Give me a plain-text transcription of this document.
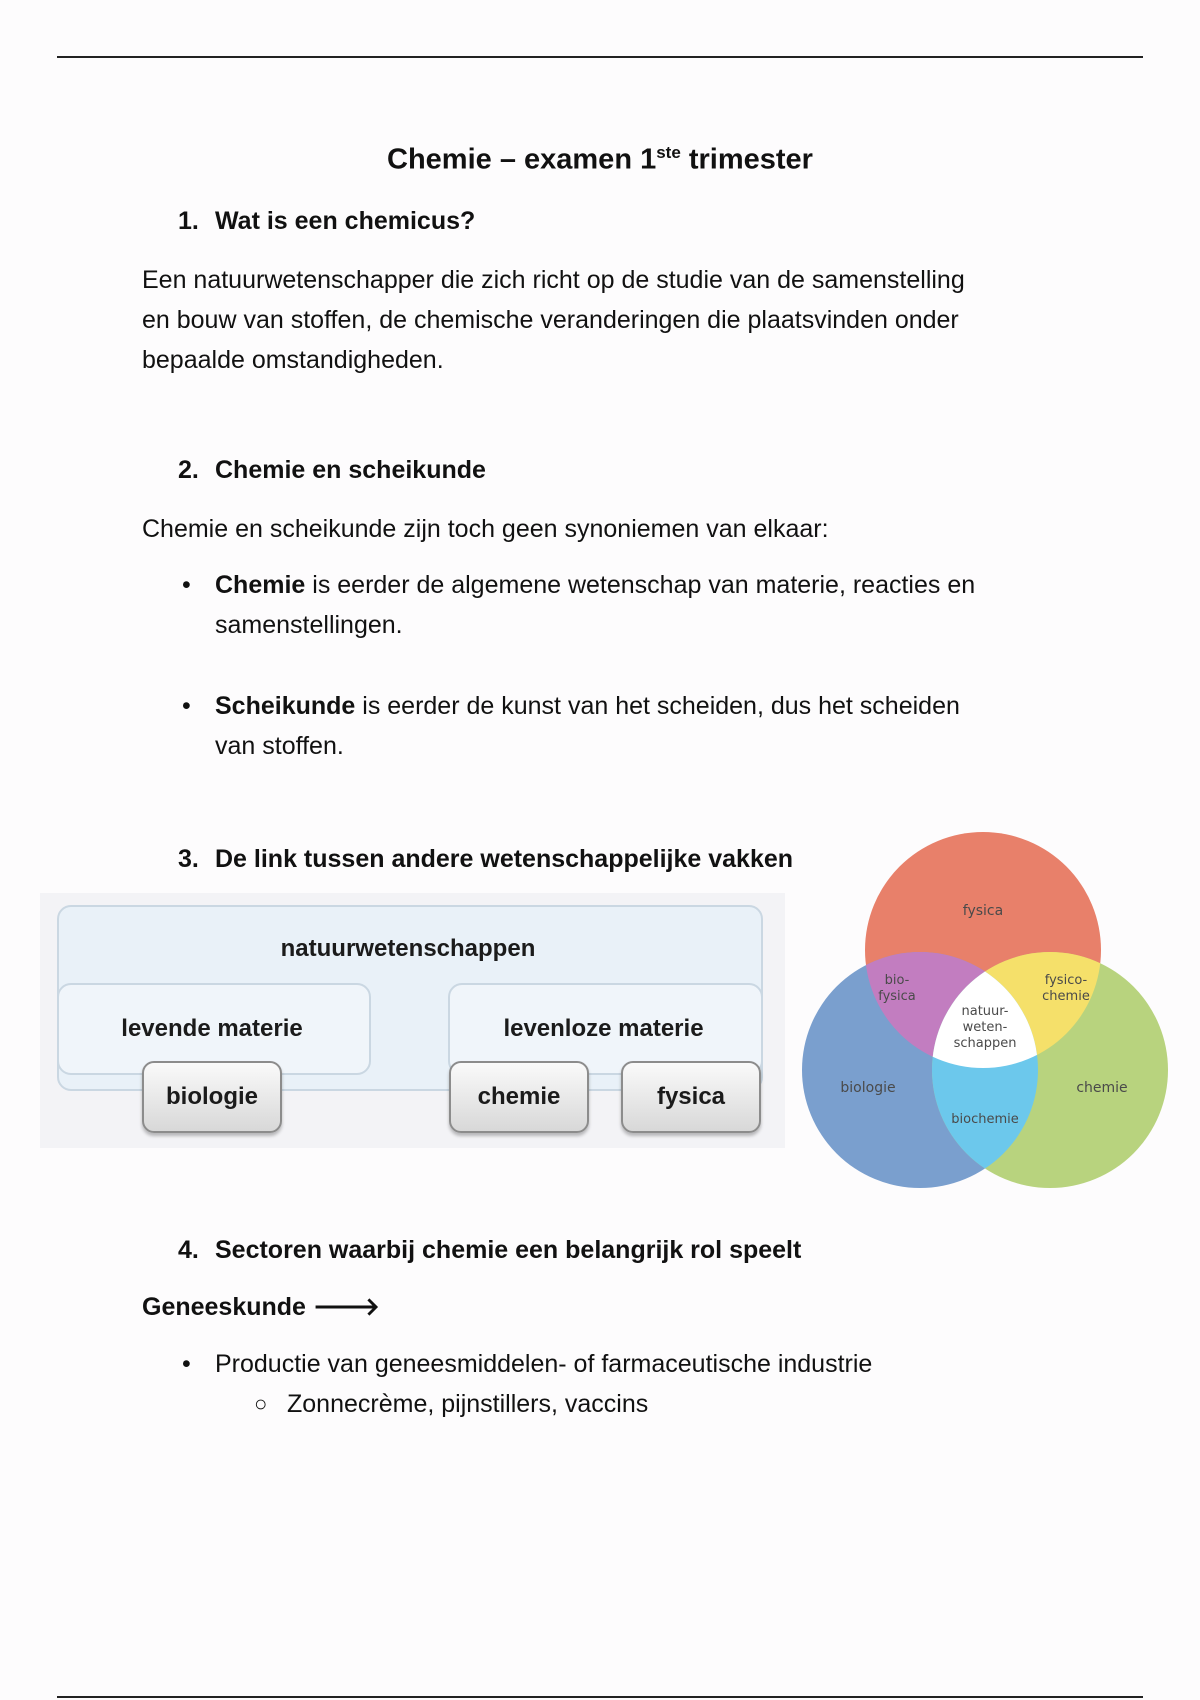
Chemie – examen 1ste trimester
1. Wat is een chemicus?
Een natuurwetenschapper die zich richt op de studie van de samenstelling
en bouw van stoffen, de chemische veranderingen die plaatsvinden onder
bepaalde omstandigheden.
2. Chemie en scheikunde
Chemie en scheikunde zijn toch geen synoniemen van elkaar:
• Chemie is eerder de algemene wetenschap van materie, reacties en
samenstellingen.
• Scheikunde is eerder de kunst van het scheiden, dus het scheiden
van stoffen.
3. De link tussen andere wetenschappelijke vakken
natuurwetenschappen
levende materie	levenloze materie
biologie	chemie	fysica
fysica
biologie	chemie
bio-
fysica
fysico-
chemie
biochemie
natuur-
weten-
schappen
4. Sectoren waarbij chemie een belangrijk rol speelt
Geneeskunde 🡒
• Productie van geneesmiddelen- of farmaceutische industrie
○ Zonnecrème, pijnstillers, vaccins
